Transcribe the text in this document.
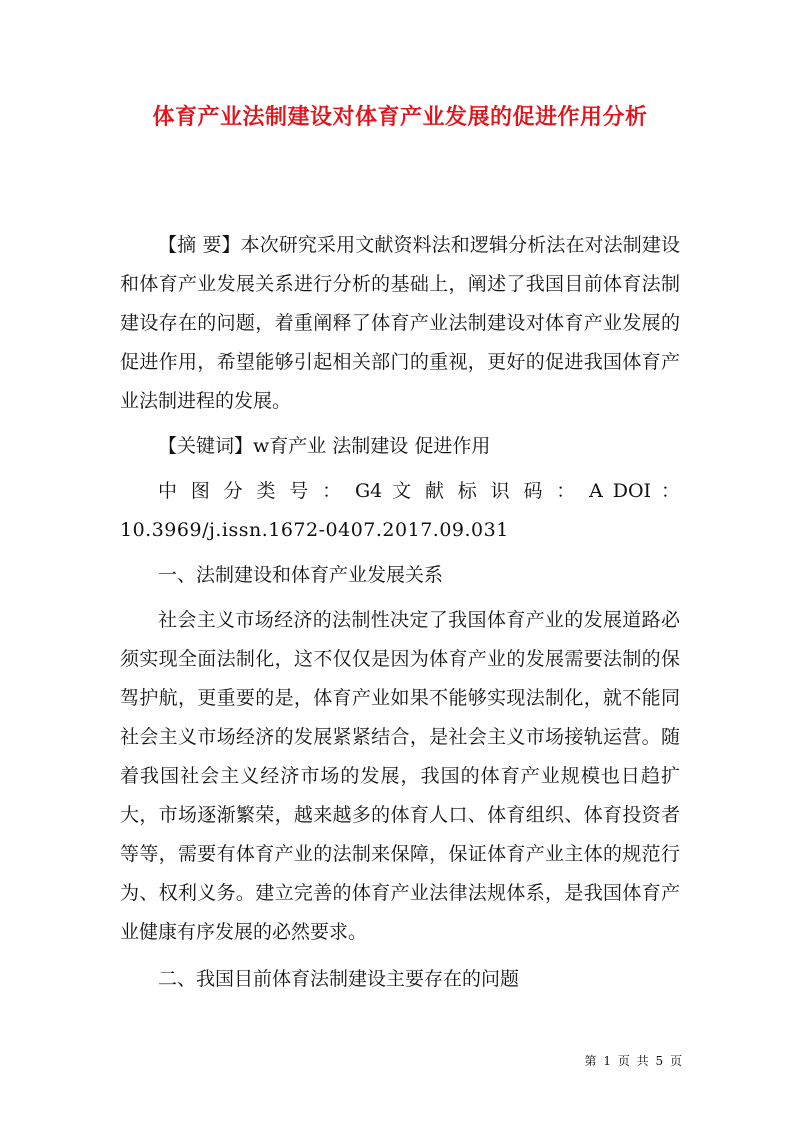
体育产业法制建设对体育产业发展的促进作用分析

【摘 要】本次研究采用文献资料法和逻辑分析法在对法制建设和体育产业发展关系进行分析的基础上，阐述了我国目前体育法制建设存在的问题，着重阐释了体育产业法制建设对体育产业发展的促进作用，希望能够引起相关部门的重视，更好的促进我国体育产业法制进程的发展。

【关键词】w育产业 法制建设 促进作用

中 图 分 类 号 ： G4 文 献 标 识 码 ： A DOI ：
10.3969/j.issn.1672-0407.2017.09.031

一、法制建设和体育产业发展关系

社会主义市场经济的法制性决定了我国体育产业的发展道路必须实现全面法制化，这不仅仅是因为体育产业的发展需要法制的保驾护航，更重要的是，体育产业如果不能够实现法制化，就不能同社会主义市场经济的发展紧紧结合，是社会主义市场接轨运营。随着我国社会主义经济市场的发展，我国的体育产业规模也日趋扩大，市场逐渐繁荣，越来越多的体育人口、体育组织、体育投资者等等，需要有体育产业的法制来保障，保证体育产业主体的规范行为、权利义务。建立完善的体育产业法律法规体系，是我国体育产业健康有序发展的必然要求。

二、我国目前体育法制建设主要存在的问题

第 1 页 共 5 页
